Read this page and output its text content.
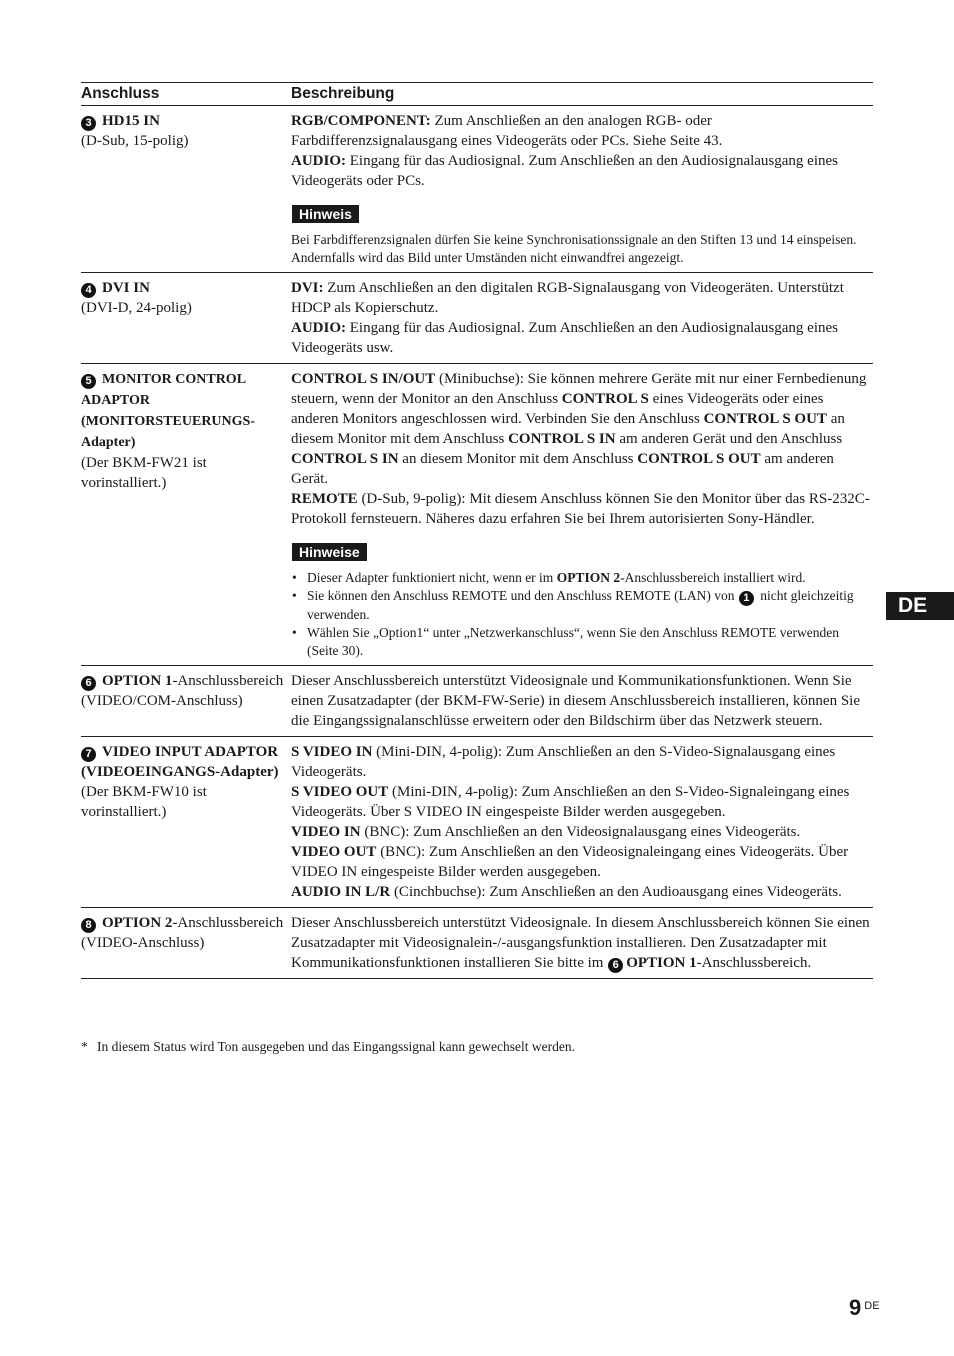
Anschluss	Beschreibung
3 HD15 IN
(D-Sub, 15-polig)
RGB/COMPONENT: Zum Anschließen an den analogen RGB- oder Farbdifferenzsignalausgang eines Videogeräts oder PCs. Siehe Seite 43.
AUDIO: Eingang für das Audiosignal. Zum Anschließen an den Audiosignalausgang eines Videogeräts oder PCs.
Hinweis
Bei Farbdifferenzsignalen dürfen Sie keine Synchronisationssignale an den Stiften 13 und 14 einspeisen. Andernfalls wird das Bild unter Umständen nicht einwandfrei angezeigt.
4 DVI IN
(DVI-D, 24-polig)
DVI: Zum Anschließen an den digitalen RGB-Signalausgang von Videogeräten. Unterstützt HDCP als Kopierschutz.
AUDIO: Eingang für das Audiosignal. Zum Anschließen an den Audiosignalausgang eines Videogeräts usw.
5 MONITOR CONTROL ADAPTOR
(MONITORSTEUERUNGS-Adapter)
(Der BKM-FW21 ist vorinstalliert.)
CONTROL S IN/OUT (Minibuchse): Sie können mehrere Geräte mit nur einer Fernbedienung steuern, wenn der Monitor an den Anschluss CONTROL S eines Videogeräts oder eines anderen Monitors angeschlossen wird. Verbinden Sie den Anschluss CONTROL S OUT an diesem Monitor mit dem Anschluss CONTROL S IN am anderen Gerät und den Anschluss CONTROL S IN an diesem Monitor mit dem Anschluss CONTROL S OUT am anderen Gerät.
REMOTE (D-Sub, 9-polig): Mit diesem Anschluss können Sie den Monitor über das RS-232C-Protokoll fernsteuern. Näheres dazu erfahren Sie bei Ihrem autorisierten Sony-Händler.
Hinweise
• Dieser Adapter funktioniert nicht, wenn er im OPTION 2-Anschlussbereich installiert wird.
• Sie können den Anschluss REMOTE und den Anschluss REMOTE (LAN) von 1 nicht gleichzeitig verwenden.
• Wählen Sie „Option1“ unter „Netzwerkanschluss“, wenn Sie den Anschluss REMOTE verwenden (Seite 30).
6 OPTION 1-Anschlussbereich (VIDEO/COM-Anschluss)
Dieser Anschlussbereich unterstützt Videosignale und Kommunikationsfunktionen. Wenn Sie einen Zusatzadapter (der BKM-FW-Serie) in diesem Anschlussbereich installieren, können Sie die Eingangssignalanschlüsse erweitern oder den Bildschirm über das Netzwerk steuern.
7 VIDEO INPUT ADAPTOR
(VIDEOEINGANGS-Adapter)
(Der BKM-FW10 ist vorinstalliert.)
S VIDEO IN (Mini-DIN, 4-polig): Zum Anschließen an den S-Video-Signalausgang eines Videogeräts.
S VIDEO OUT (Mini-DIN, 4-polig): Zum Anschließen an den S-Video-Signaleingang eines Videogeräts. Über S VIDEO IN eingespeiste Bilder werden ausgegeben.
VIDEO IN (BNC): Zum Anschließen an den Videosignalausgang eines Videogeräts.
VIDEO OUT (BNC): Zum Anschließen an den Videosignaleingang eines Videogeräts. Über VIDEO IN eingespeiste Bilder werden ausgegeben.
AUDIO IN L/R (Cinchbuchse): Zum Anschließen an den Audioausgang eines Videogeräts.
8 OPTION 2-Anschlussbereich (VIDEO-Anschluss)
Dieser Anschlussbereich unterstützt Videosignale. In diesem Anschlussbereich können Sie einen Zusatzadapter mit Videosignalein-/-ausgangsfunktion installieren. Den Zusatzadapter mit Kommunikationsfunktionen installieren Sie bitte im 6 OPTION 1-Anschlussbereich.
* In diesem Status wird Ton ausgegeben und das Eingangssignal kann gewechselt werden.
DE
9 $^{DE}$
